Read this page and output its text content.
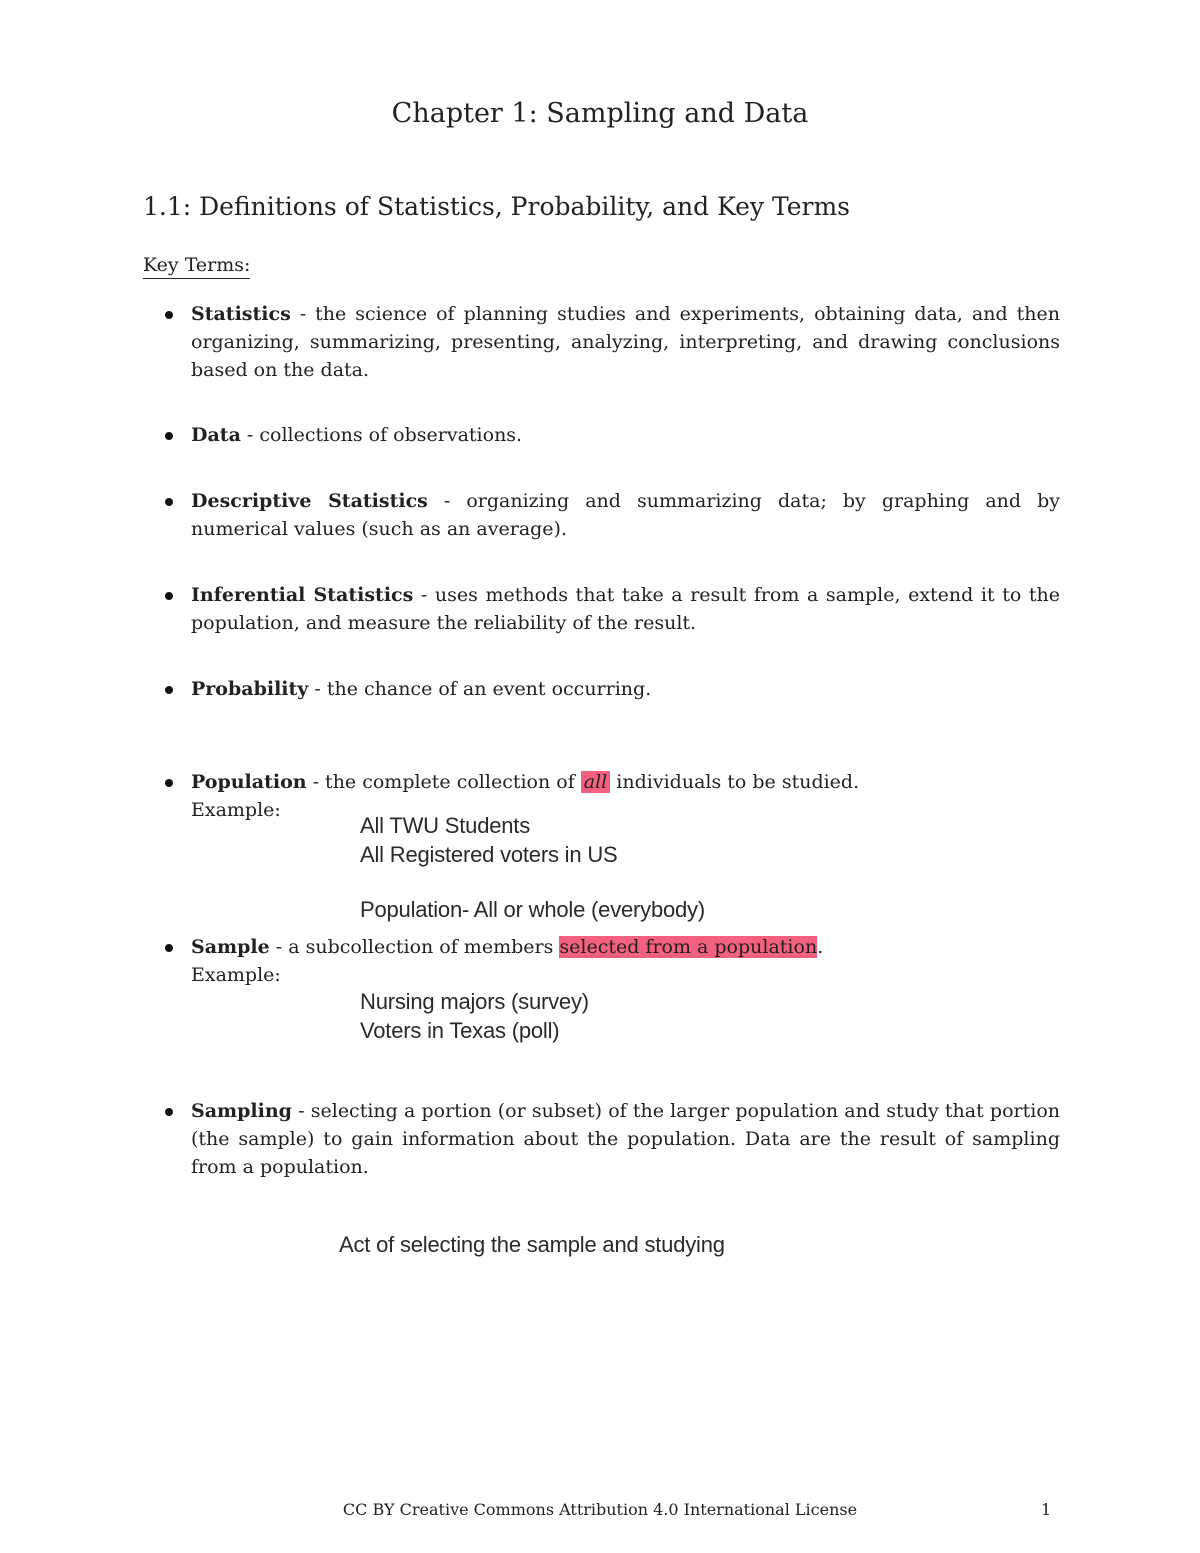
Chapter 1: Sampling and Data
1.1: Definitions of Statistics, Probability, and Key Terms
Key Terms:
Statistics - the science of planning studies and experiments, obtaining data, and then organizing, summarizing, presenting, analyzing, interpreting, and drawing conclusions based on the data.
Data - collections of observations.
Descriptive Statistics - organizing and summarizing data; by graphing and by numerical values (such as an average).
Inferential Statistics - uses methods that take a result from a sample, extend it to the population, and measure the reliability of the result.
Probability - the chance of an event occurring.
Population - the complete collection of all individuals to be studied.
Example:
All TWU Students
All Registered voters in US
Population- All or whole (everybody)
Sample - a subcollection of members selected from a population.
Example:
Nursing majors (survey)
Voters in Texas (poll)
Sampling - selecting a portion (or subset) of the larger population and study that portion (the sample) to gain information about the population. Data are the result of sampling from a population.
Act of selecting the sample and studying
CC BY Creative Commons Attribution 4.0 International License	1
